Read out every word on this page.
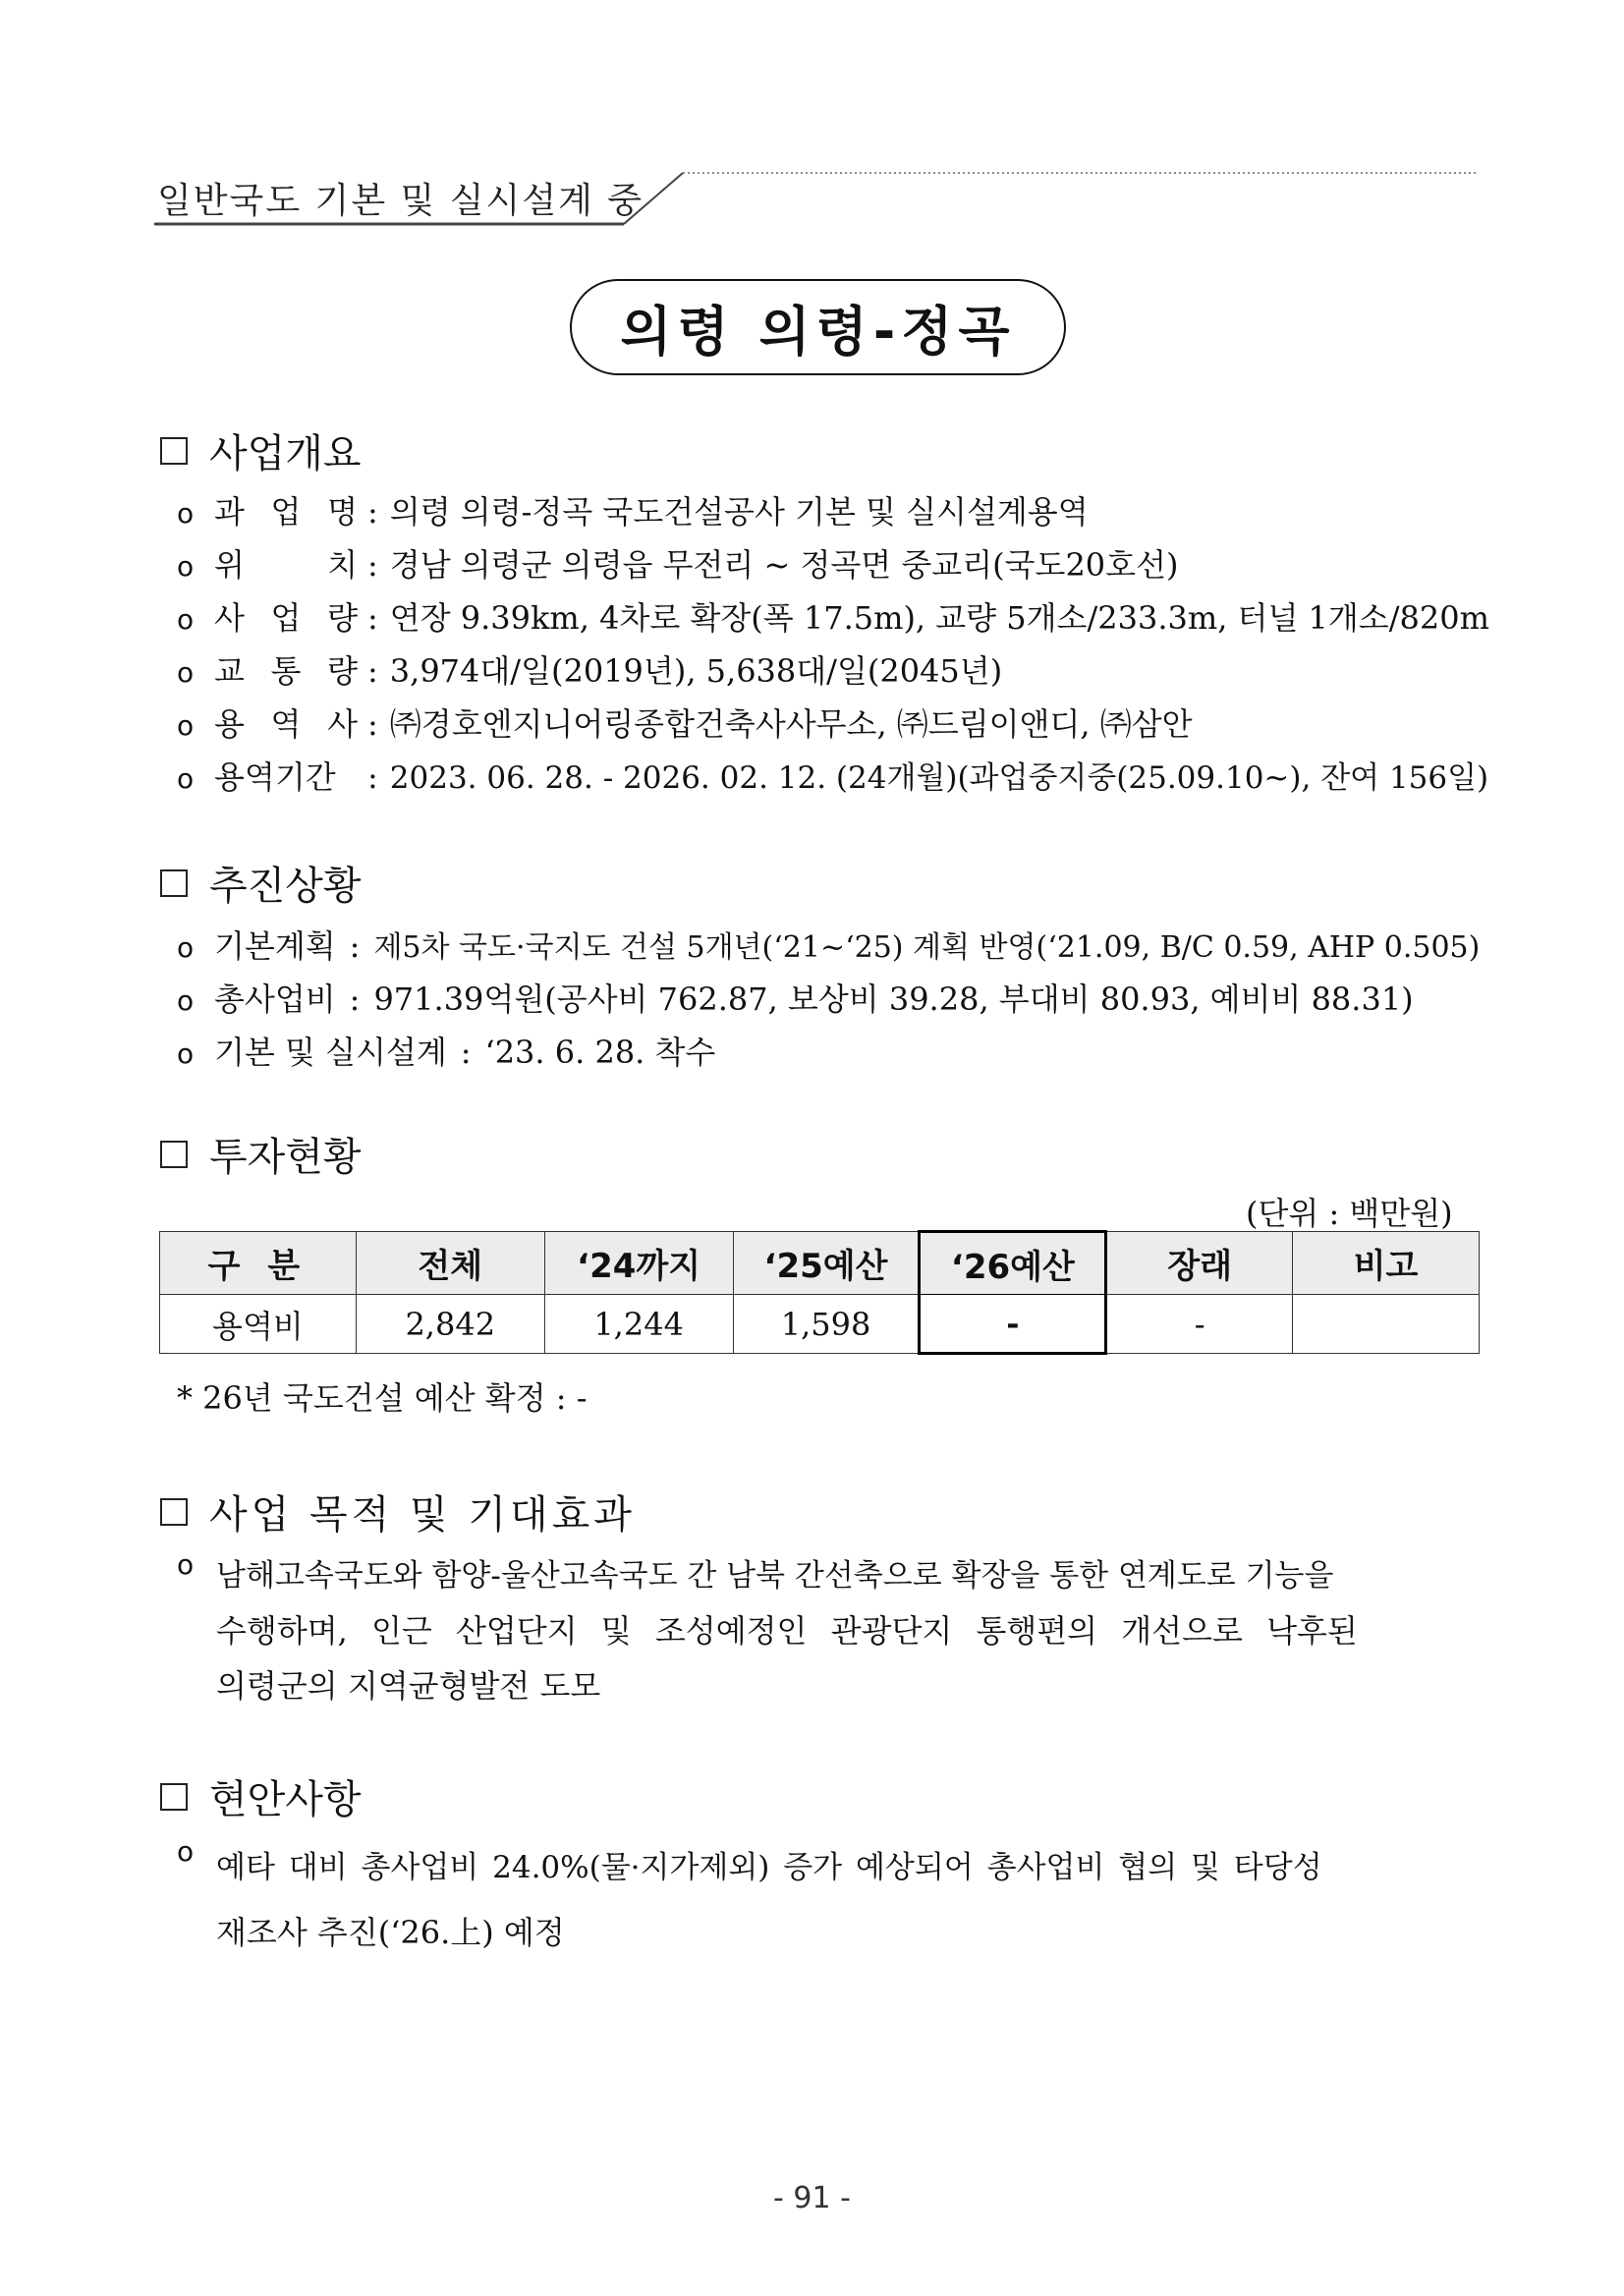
일반국도 기본 및 실시설계 중
의령 의령-정곡
사업개요
o 과 업 명 : 의령 의령-정곡 국도건설공사 기본 및 실시설계용역
o 위	치 : 경남 의령군 의령읍 무전리 ~ 정곡면 중교리(국도20호선)
o 사 업 량 : 연장 9.39km, 4차로 확장(폭 17.5m), 교량 5개소/233.3m, 터널 1개소/820m
o 교 통 량 : 3,974대/일(2019년), 5,638대/일(2045년)
o 용 역 사 : ㈜경호엔지니어링종합건축사사무소, ㈜드림이앤디, ㈜삼안
o 용역기간	: 2023. 06. 28. - 2026. 02. 12. (24개월)(과업중지중(25.09.10~), 잔여 156일)
추진상황
o 기본계획 : 제5차 국도·국지도 건설 5개년(‘21~‘25) 계획 반영(‘21.09, B/C 0.59, AHP 0.505)
o 총사업비 : 971.39억원(공사비 762.87, 보상비 39.28, 부대비 80.93, 예비비 88.31)
o 기본 및 실시설계 : ‘23. 6. 28. 착수
투자현황
(단위 : 백만원)
구 분	전체	‘24까지	‘25예산	‘26예산	장래	비고
용역비	2,842	1,244	1,598	-	-	
* 26년 국도건설 예산 확정 : -
사업 목적 및 기대효과
o 남해고속국도와 함양-울산고속국도 간 남북 간선축으로 확장을 통한 연계도로 기능을
수행하며, 인근 산업단지 및 조성예정인 관광단지 통행편의 개선으로 낙후된
의령군의 지역균형발전 도모
현안사항
o 예타 대비 총사업비 24.0%(물·지가제외) 증가 예상되어 총사업비 협의 및 타당성
재조사 추진(‘26.上) 예정
- 91 -
